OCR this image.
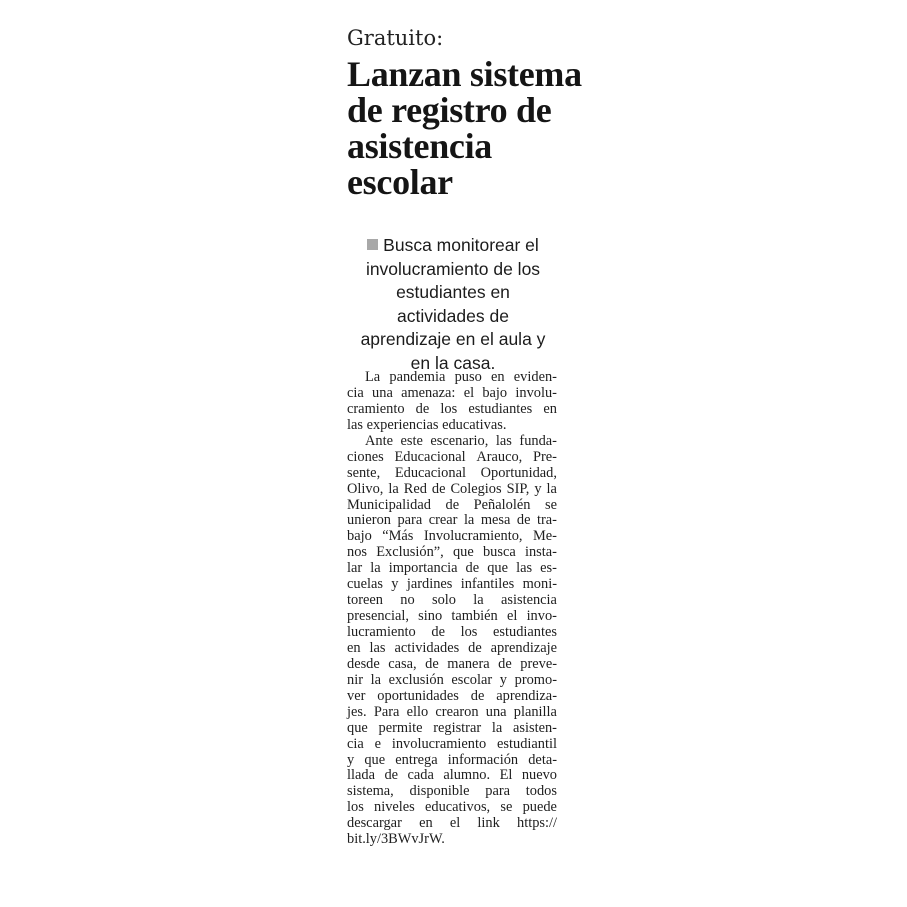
Gratuito:
Lanzan sistema
de registro de
asistencia
escolar
Busca monitorear el
involucramiento de los
estudiantes en
actividades de
aprendizaje en el aula y
en la casa.
La pandemia puso en eviden-
cia una amenaza: el bajo involu-
cramiento de los estudiantes en
las experiencias educativas.
Ante este escenario, las funda-
ciones Educacional Arauco, Pre-
sente, Educacional Oportunidad,
Olivo, la Red de Colegios SIP, y la
Municipalidad de Peñalolén se
unieron para crear la mesa de tra-
bajo “Más Involucramiento, Me-
nos Exclusión”, que busca insta-
lar la importancia de que las es-
cuelas y jardines infantiles moni-
toreen no solo la asistencia
presencial, sino también el invo-
lucramiento de los estudiantes
en las actividades de aprendizaje
desde casa, de manera de preve-
nir la exclusión escolar y promo-
ver oportunidades de aprendiza-
jes. Para ello crearon una planilla
que permite registrar la asisten-
cia e involucramiento estudiantil
y que entrega información deta-
llada de cada alumno. El nuevo
sistema, disponible para todos
los niveles educativos, se puede
descargar en el link https://
bit.ly/3BWvJrW.
